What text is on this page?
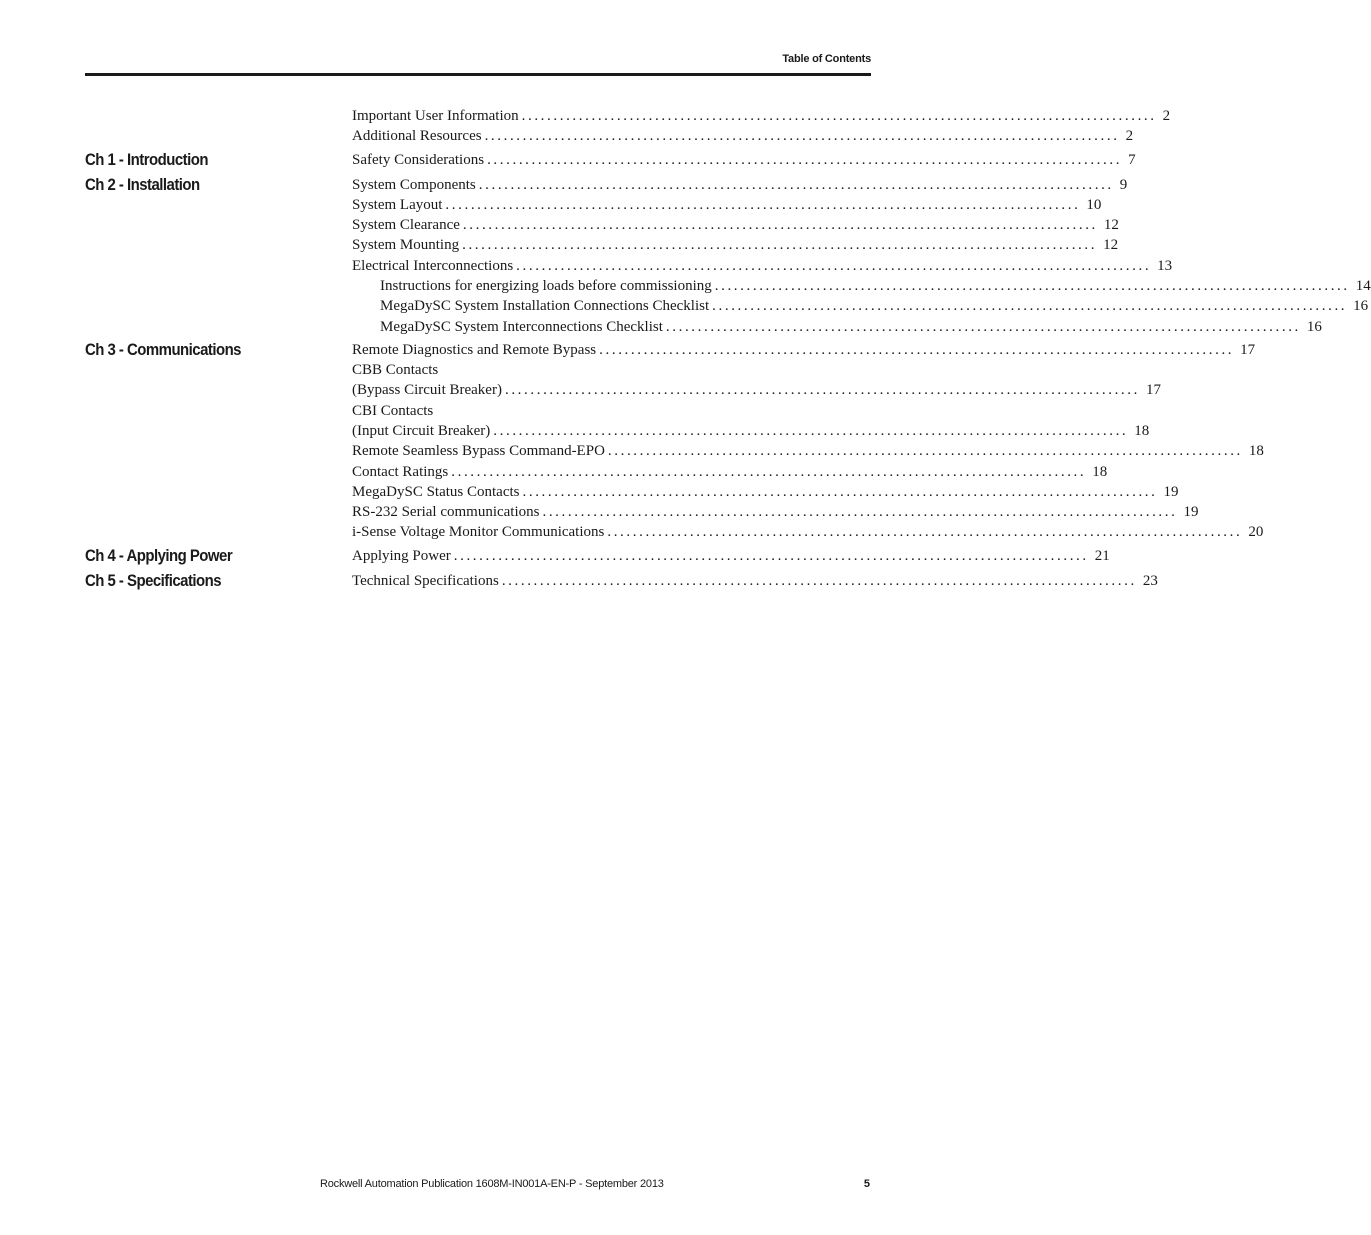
Table of Contents
Ch 1 - Introduction
Ch 2 - Installation
Ch 3 - Communications
Ch 4 - Applying Power
Ch 5 - Specifications
Important User Information .................................................................................................... 2
Additional Resources .................................................................................................... 2
Safety Considerations .................................................................................................... 7
System Components .................................................................................................... 9
System Layout .................................................................................................... 10
System Clearance .................................................................................................... 12
System Mounting .................................................................................................... 12
Electrical Interconnections .................................................................................................... 13
Instructions for energizing loads before commissioning .................................................................................................... 14
MegaDySC System Installation Connections Checklist .................................................................................................... 16
MegaDySC System Interconnections Checklist .................................................................................................... 16
Remote Diagnostics and Remote Bypass .................................................................................................... 17
CBB Contacts
(Bypass Circuit Breaker) .................................................................................................... 17
CBI Contacts
(Input Circuit Breaker) .................................................................................................... 18
Remote Seamless Bypass Command-EPO .................................................................................................... 18
Contact Ratings .................................................................................................... 18
MegaDySC Status Contacts .................................................................................................... 19
RS-232 Serial communications .................................................................................................... 19
i-Sense Voltage Monitor Communications .................................................................................................... 20
Applying Power .................................................................................................... 21
Technical Specifications .................................................................................................... 23
Rockwell Automation Publication 1608M-IN001A-EN-P - September 2013	5
